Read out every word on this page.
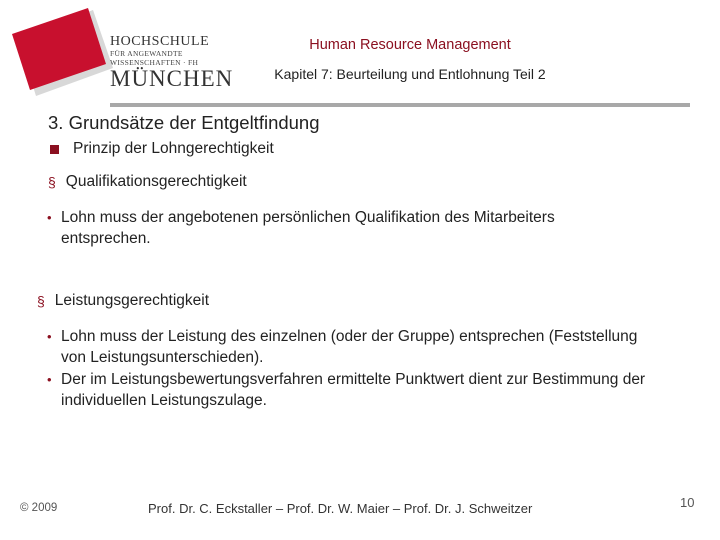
HOCHSCHULE
FÜR ANGEWANDTE
WISSENSCHAFTEN · FH
MÜNCHEN
Human Resource Management
Kapitel 7: Beurteilung und Entlohnung Teil 2
3. Grundsätze der Entgeltfindung
Prinzip der Lohngerechtigkeit
§ Qualifikationsgerechtigkeit
• Lohn muss der angebotenen persönlichen Qualifikation des Mitarbeiters entsprechen.
§ Leistungsgerechtigkeit
• Lohn muss der Leistung des einzelnen (oder der Gruppe) entsprechen (Feststellung von Leistungsunterschieden).
• Der im Leistungsbewertungsverfahren ermittelte Punktwert dient zur Bestimmung der individuellen Leistungszulage.
© 2009	Prof. Dr. C. Eckstaller – Prof. Dr. W. Maier – Prof. Dr. J. Schweitzer	10
